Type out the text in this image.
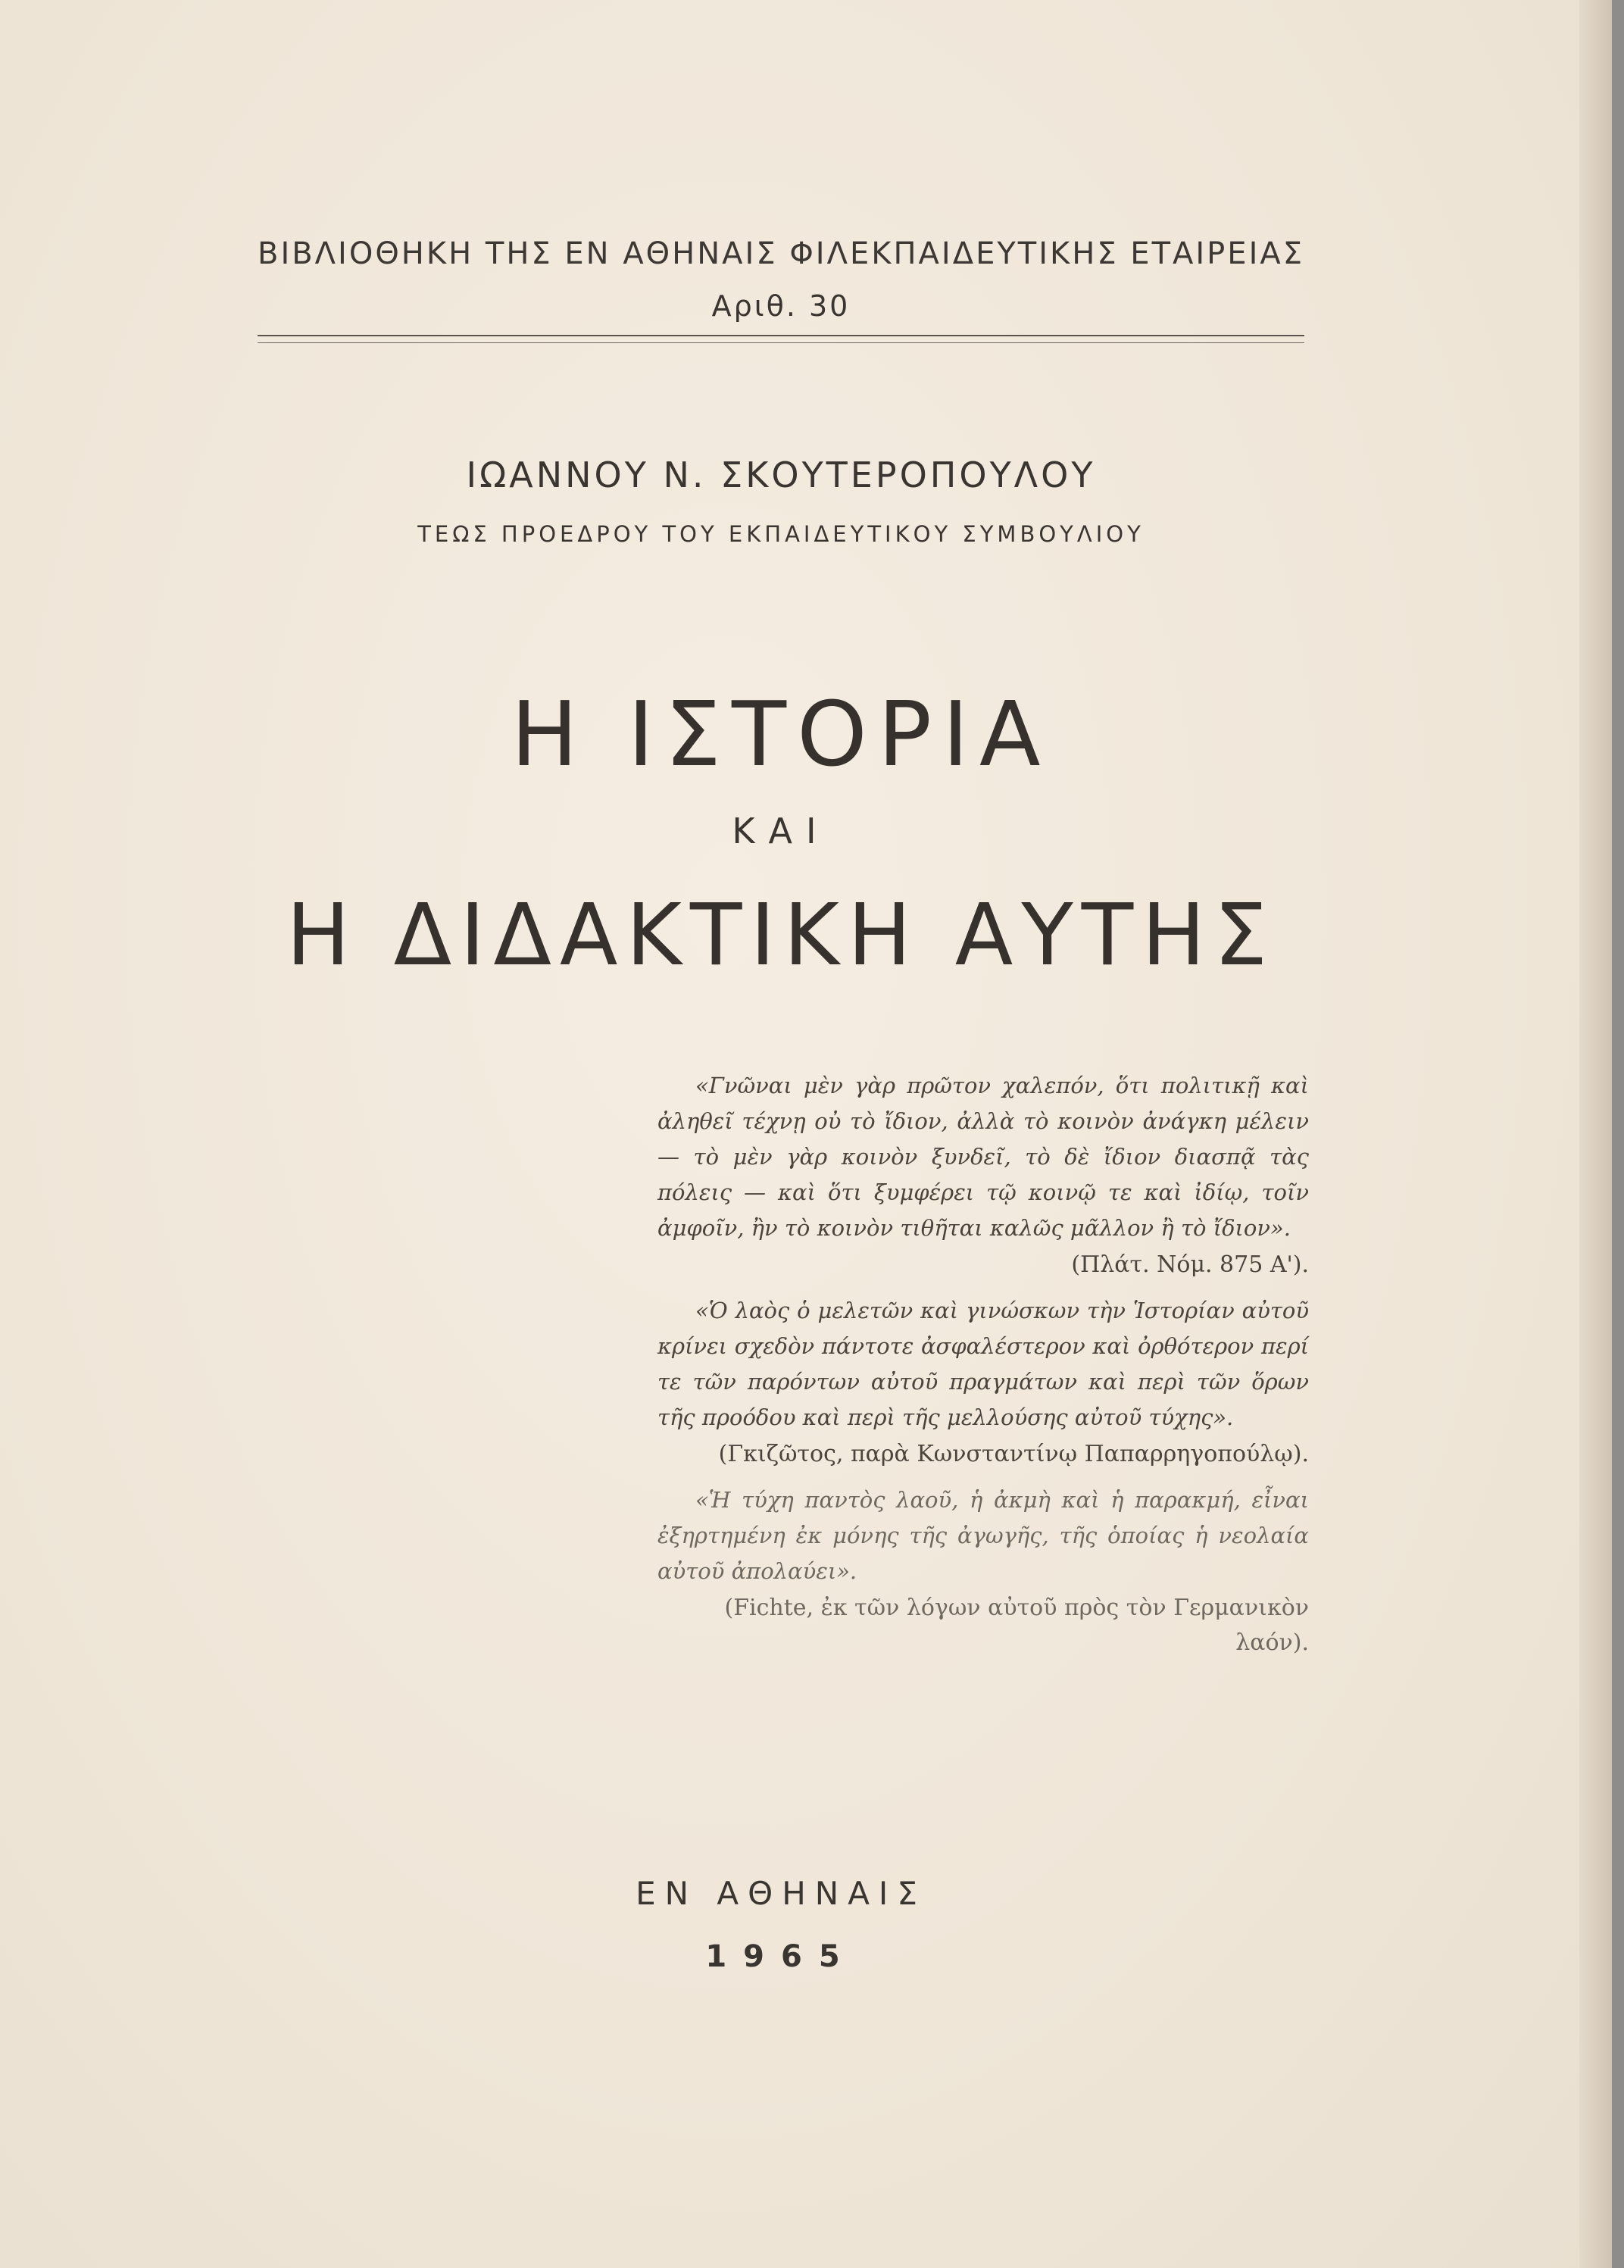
ΒΙΒΛΙΟΘΗΚΗ ΤΗΣ ΕΝ ΑΘΗΝΑΙΣ ΦΙΛΕΚΠΑΙΔΕΥΤΙΚΗΣ ΕΤΑΙΡΕΙΑΣ
Αριθ. 30
ΙΩΑΝΝΟΥ Ν. ΣΚΟΥΤΕΡΟΠΟΥΛΟΥ
ΤΕΩΣ ΠΡΟΕΔΡΟΥ ΤΟΥ ΕΚΠΑΙΔΕΥΤΙΚΟΥ ΣΥΜΒΟΥΛΙΟΥ
Η ΙΣΤΟΡΙΑ
ΚΑΙ
Η ΔΙΔΑΚΤΙΚΗ ΑΥΤΗΣ

«Γνῶναι μὲν γὰρ πρῶτον χαλεπόν, ὅτι πολιτικῇ καὶ ἀληθεῖ τέχνῃ οὐ τὸ ἴδιον, ἀλλὰ τὸ κοινὸν ἀνάγκη μέλειν — τὸ μὲν γὰρ κοινὸν ξυνδεῖ, τὸ δὲ ἴδιον διασπᾷ τὰς πόλεις — καὶ ὅτι ξυμφέρει τῷ κοινῷ τε καὶ ἰδίῳ, τοῖν ἀμφοῖν, ἢν τὸ κοινὸν τιθῆται καλῶς μᾶλλον ἢ τὸ ἴδιον».

(Πλάτ. Νόμ. 875 Α').

«Ὁ λαὸς ὁ μελετῶν καὶ γινώσκων τὴν Ἱστορίαν αὐτοῦ κρίνει σχεδὸν πάντοτε ἀσφαλέστερον καὶ ὀρθότερον περί τε τῶν παρόντων αὐτοῦ πραγμάτων καὶ περὶ τῶν ὅρων τῆς προόδου καὶ περὶ τῆς μελλούσης αὐτοῦ τύχης».

(Γκιζῶτος, παρὰ Κωνσταντίνῳ Παπαρρηγοπούλῳ).

«Ἡ τύχη παντὸς λαοῦ, ἡ ἀκμὴ καὶ ἡ παρακμή, εἶναι ἐξηρτημένη ἐκ μόνης τῆς ἀγωγῆς, τῆς ὁποίας ἡ νεολαία αὐτοῦ ἀπολαύει».

(Fichte, ἐκ τῶν λόγων αὐτοῦ πρὸς τὸν Γερμανικὸν λαόν).

ΕΝ ΑΘΗΝΑΙΣ
1965
